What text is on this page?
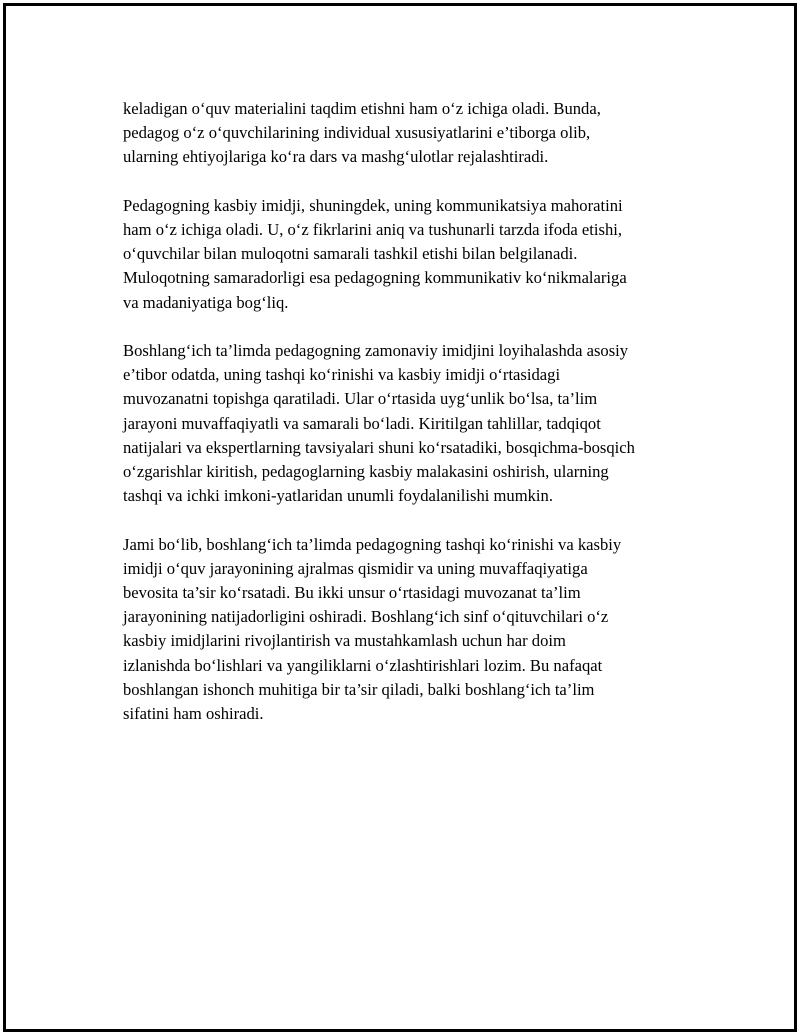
keladigan o‘quv materialini taqdim etishni ham o‘z ichiga oladi. Bunda,
pedagog o‘z o‘quvchilarining individual xususiyatlarini e’tiborga olib,
ularning ehtiyojlariga ko‘ra dars va mashg‘ulotlar rejalashtiradi.

Pedagogning kasbiy imidji, shuningdek, uning kommunikatsiya mahoratini
ham o‘z ichiga oladi. U, o‘z fikrlarini aniq va tushunarli tarzda ifoda etishi,
o‘quvchilar bilan muloqotni samarali tashkil etishi bilan belgilanadi.
Muloqotning samaradorligi esa pedagogning kommunikativ ko‘nikmalariga
va madaniyatiga bog‘liq.

Boshlang‘ich ta’limda pedagogning zamonaviy imidjini loyihalashda asosiy
e’tibor odatda, uning tashqi ko‘rinishi va kasbiy imidji o‘rtasidagi
muvozanatni topishga qaratiladi. Ular o‘rtasida uyg‘unlik bo‘lsa, ta’lim
jarayoni muvaffaqiyatli va samarali bo‘ladi. Kiritilgan tahlillar, tadqiqot
natijalari va ekspertlarning tavsiyalari shuni ko‘rsatadiki, bosqichma-bosqich
o‘zgarishlar kiritish, pedagoglarning kasbiy malakasini oshirish, ularning
tashqi va ichki imkoni-yatlaridan unumli foydalanilishi mumkin.

Jami bo‘lib, boshlang‘ich ta’limda pedagogning tashqi ko‘rinishi va kasbiy
imidji o‘quv jarayonining ajralmas qismidir va uning muvaffaqiyatiga
bevosita ta’sir ko‘rsatadi. Bu ikki unsur o‘rtasidagi muvozanat ta’lim
jarayonining natijadorligini oshiradi. Boshlang‘ich sinf o‘qituvchilari o‘z
kasbiy imidjlarini rivojlantirish va mustahkamlash uchun har doim
izlanishda bo‘lishlari va yangiliklarni o‘zlashtirishlari lozim. Bu nafaqat
boshlangan ishonch muhitiga bir ta’sir qiladi, balki boshlang‘ich ta’lim
sifatini ham oshiradi.
